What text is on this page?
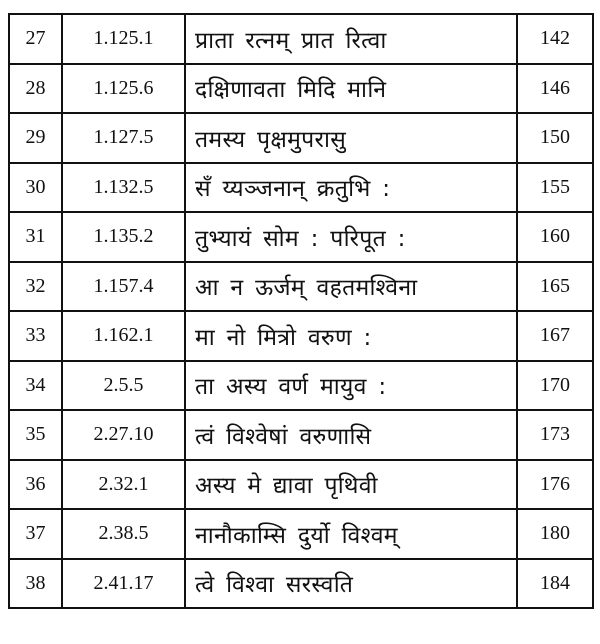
27	1.125.1	प्राता रत्नम् प्रात रित्वा	142
28	1.125.6	दक्षिणावता मिदि मानि	146
29	1.127.5	तमस्य पृक्षमुपरासु	150
30	1.132.5	सँ य्यञ्जनान् क्रतुभि :	155
31	1.135.2	तुभ्यायं सोम : परिपूत :	160
32	1.157.4	आ न ऊर्जम् वहतमश्विना	165
33	1.162.1	मा नो मित्रो वरुण :	167
34	2.5.5	ता अस्य वर्ण मायुव :	170
35	2.27.10	त्वं विश्वेषां वरुणासि	173
36	2.32.1	अस्य मे द्यावा पृथिवी	176
37	2.38.5	नानौकाम्सि दुर्यो विश्वम्	180
38	2.41.17	त्वे विश्वा सरस्वति	184
